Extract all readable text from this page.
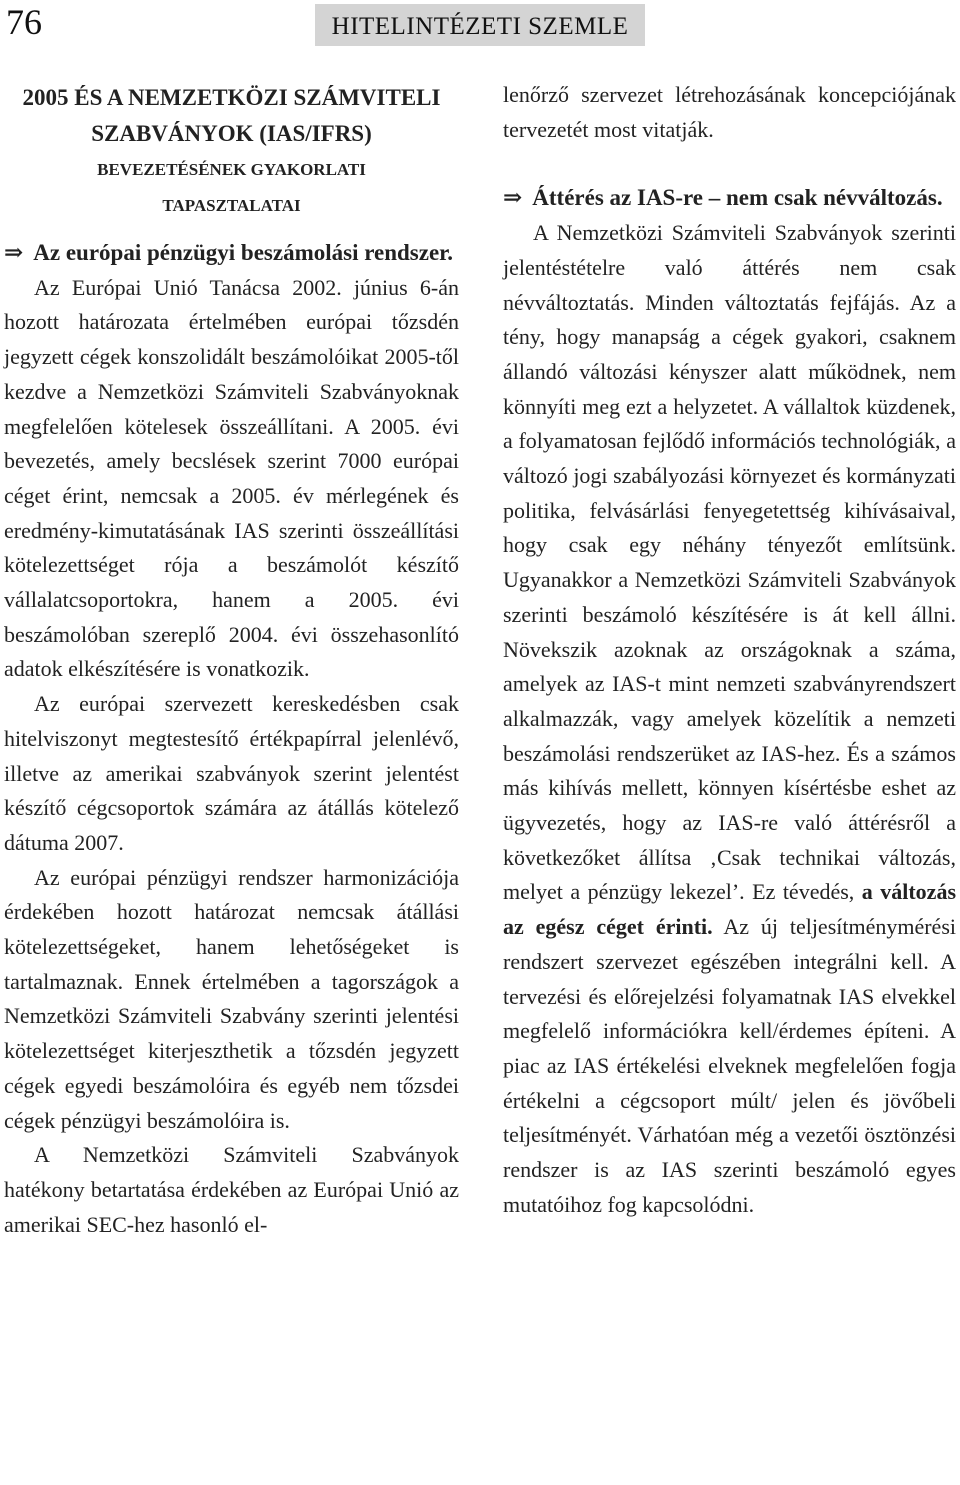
76	HITELINTÉZETI SZEMLE
2005 ÉS A NEMZETKÖZI SZÁMVITELI
SZABVÁNYOK (IAS/IFRS)
BEVEZETÉSÉNEK GYAKORLATI
TAPASZTALATAI
⇒ Az európai pénzügyi beszámolási rendszer.

Az Európai Unió Tanácsa 2002. június 6-án hozott határozata értelmében európai tőzsdén jegyzett cégek konszolidált beszámolóikat 2005-től kezdve a Nemzetközi Számviteli Szabványoknak megfelelően kötelesek összeállítani. A 2005. évi bevezetés, amely becslések szerint 7000 európai céget érint, nemcsak a 2005. év mérlegének és eredmény-kimutatásának IAS szerinti összeállítási kötelezettséget rója a beszámolót készítő vállalatcsoportokra, hanem a 2005. évi beszámolóban szereplő 2004. évi összehasonlító adatok elkészítésére is vonatkozik.

Az európai szervezett kereskedésben csak hitelviszonyt megtestesítő értékpapírral jelenlévő, illetve az amerikai szabványok szerint jelentést készítő cégcsoportok számára az átállás kötelező dátuma 2007.

Az európai pénzügyi rendszer harmonizációja érdekében hozott határozat nemcsak átállási kötelezettségeket, hanem lehetőségeket is tartalmaznak. Ennek értelmében a tagországok a Nemzetközi Számviteli Szabvány szerinti jelentési kötelezettséget kiterjeszthetik a tőzsdén jegyzett cégek egyedi beszámolóira és egyéb nem tőzsdei cégek pénzügyi beszámolóira is.

A Nemzetközi Számviteli Szabványok hatékony betartatása érdekében az Európai Unió az amerikai SEC-hez hasonló el-

lenőrző szervezet létrehozásának koncepciójának tervezetét most vitatják.

⇒ Áttérés az IAS-re – nem csak névváltozás.

A Nemzetközi Számviteli Szabványok szerinti jelentéstételre való áttérés nem csak névváltoztatás. Minden változtatás fejfájás. Az a tény, hogy manapság a cégek gyakori, csaknem állandó változási kényszer alatt működnek, nem könnyíti meg ezt a helyzetet. A vállaltok küzdenek, a folyamatosan fejlődő információs technológiák, a változó jogi szabályozási környezet és kormányzati politika, felvásárlási fenyegetettség kihívásaival, hogy csak egy néhány tényezőt említsünk. Ugyanakkor a Nemzetközi Számviteli Szabványok szerinti beszámoló készítésére is át kell állni. Növekszik azoknak az országoknak a száma, amelyek az IAS-t mint nemzeti szabványrendszert alkalmazzák, vagy amelyek közelítik a nemzeti beszámolási rendszerüket az IAS-hez. És a számos más kihívás mellett, könnyen kísértésbe eshet az ügyvezetés, hogy az IAS-re való áttérésről a következőket állítsa ‚Csak technikai változás, melyet a pénzügy lekezel’. Ez tévedés, a változás az egész céget érinti. Az új teljesítménymérési rendszert szervezet egészében integrálni kell. A tervezési és előrejelzési folyamatnak IAS elvekkel megfelelő információkra kell/érdemes építeni. A piac az IAS értékelési elveknek megfelelően fogja értékelni a cégcsoport múlt/ jelen és jövőbeli teljesítményét. Várhatóan még a vezetői ösztönzési rendszer is az IAS szerinti beszámoló egyes mutatóihoz fog kapcsolódni.
